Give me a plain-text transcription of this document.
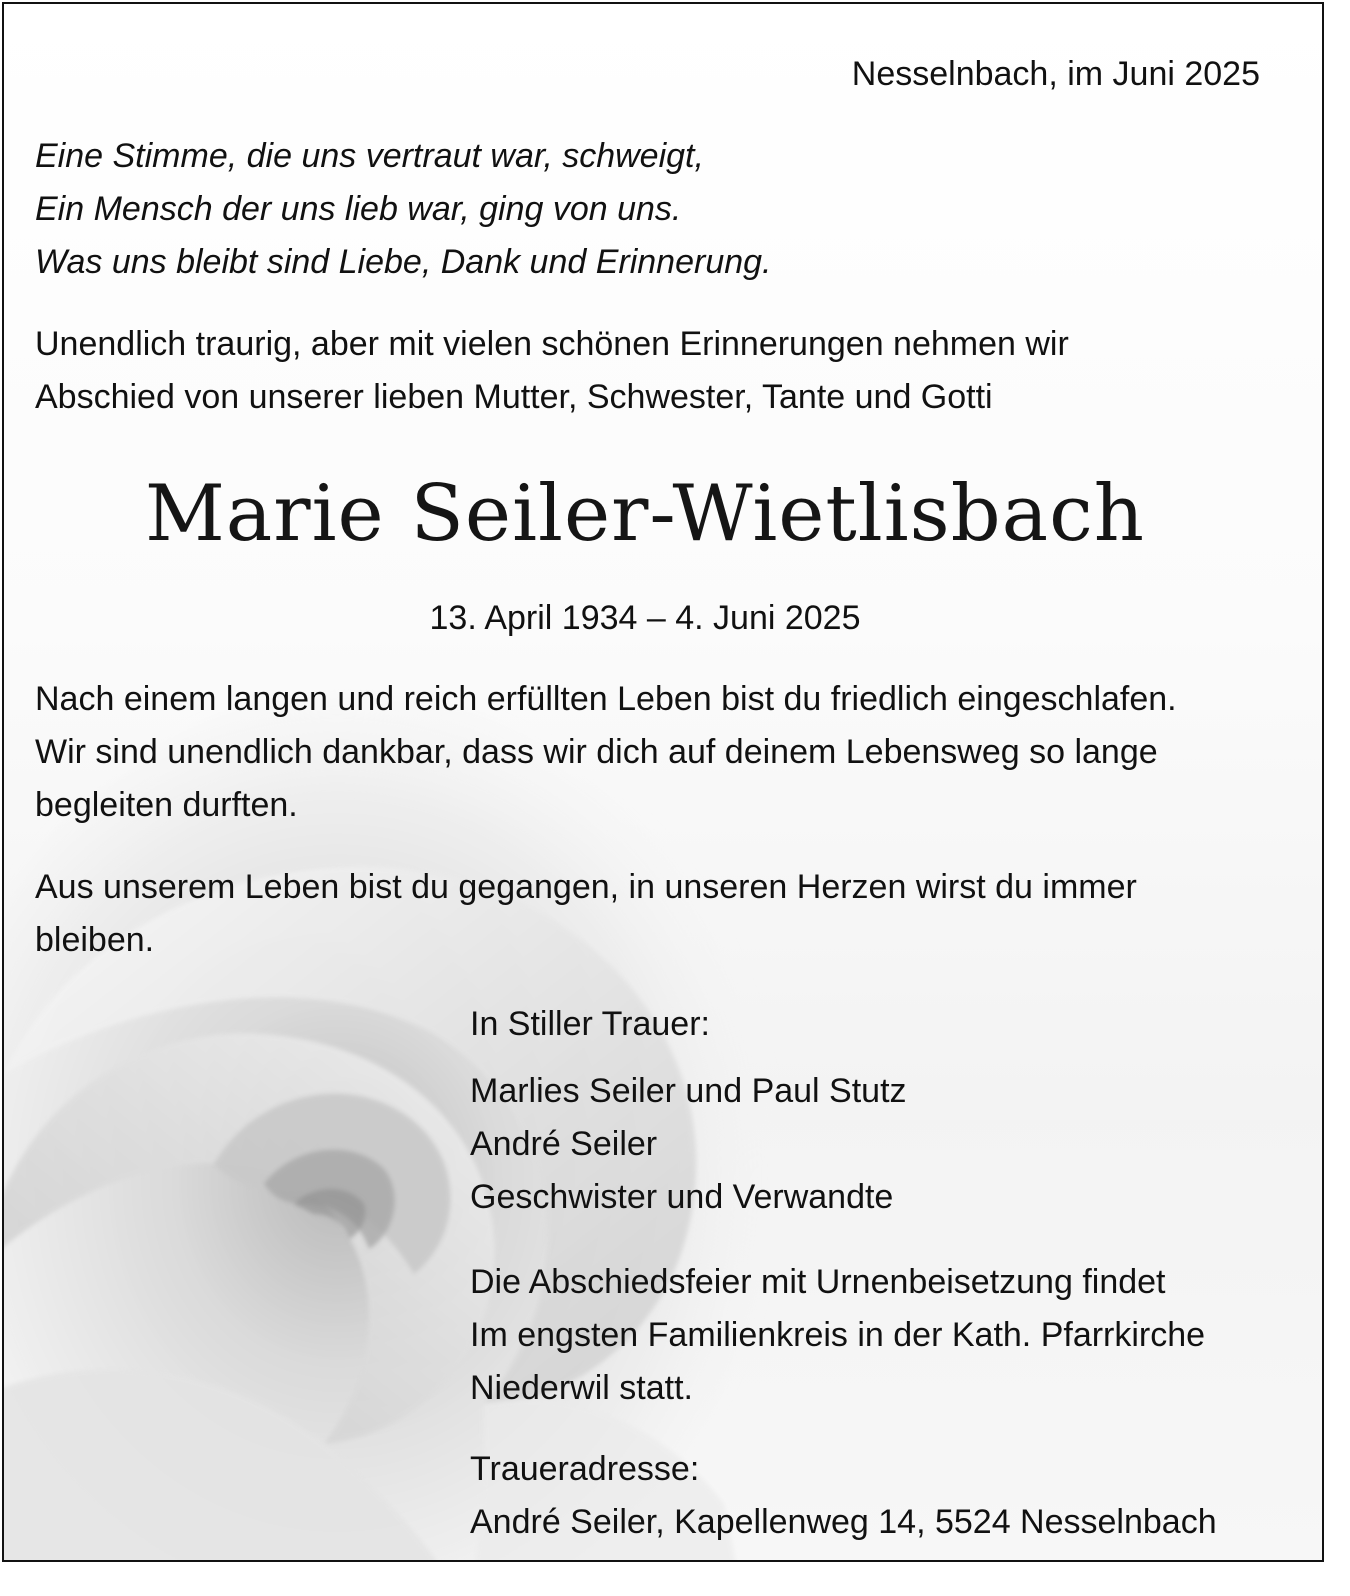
Nesselnbach, im Juni 2025
Eine Stimme, die uns vertraut war, schweigt,
Ein Mensch der uns lieb war, ging von uns.
Was uns bleibt sind Liebe, Dank und Erinnerung.
Unendlich traurig, aber mit vielen schönen Erinnerungen nehmen wir
Abschied von unserer lieben Mutter, Schwester, Tante und Gotti
Marie Seiler-Wietlisbach
13. April 1934 – 4. Juni 2025
Nach einem langen und reich erfüllten Leben bist du friedlich eingeschlafen.
Wir sind unendlich dankbar, dass wir dich auf deinem Lebensweg so lange
begleiten durften.
Aus unserem Leben bist du gegangen, in unseren Herzen wirst du immer
bleiben.
In Stiller Trauer:
Marlies Seiler und Paul Stutz
André Seiler
Geschwister und Verwandte
Die Abschiedsfeier mit Urnenbeisetzung findet
Im engsten Familienkreis in der Kath. Pfarrkirche
Niederwil statt.
Traueradresse:
André Seiler, Kapellenweg 14, 5524 Nesselnbach
